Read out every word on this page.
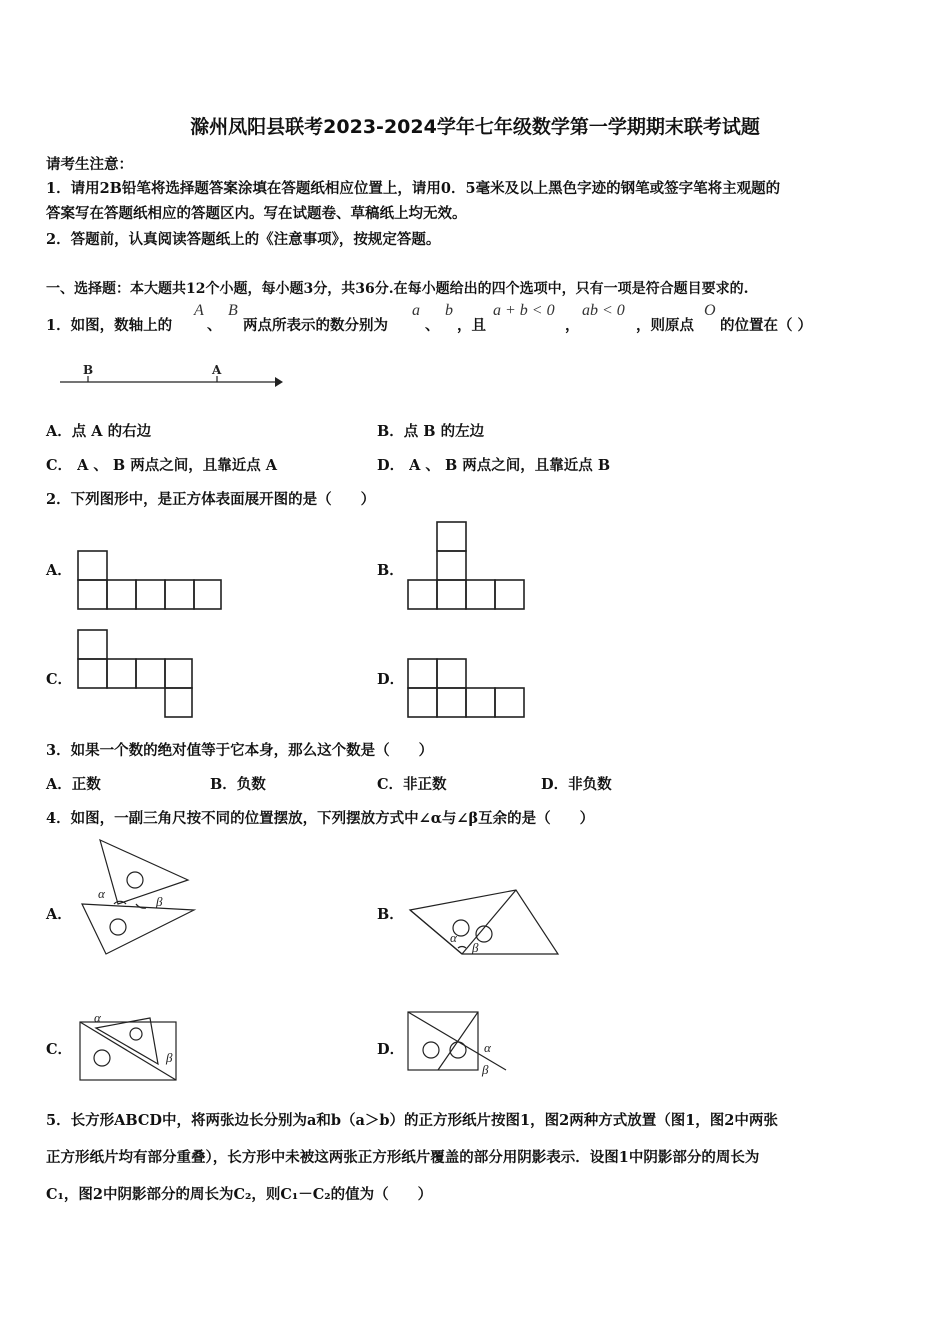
滁州凤阳县联考2023-2024学年七年级数学第一学期期末联考试题
请考生注意：
1．请用2B铅笔将选择题答案涂填在答题纸相应位置上，请用0．5毫米及以上黑色字迹的钢笔或签字笔将主观题的
答案写在答题纸相应的答题区内。写在试题卷、草稿纸上均无效。
2．答题前，认真阅读答题纸上的《注意事项》，按规定答题。
一、选择题：本大题共12个小题，每小题3分，共36分.在每小题给出的四个选项中，只有一项是符合题目要求的.
1．如图，数轴上的
A
、
B
两点所表示的数分别为
a
、
b
，且
a + b < 0
，
ab < 0
，则原点
O
的位置在（ ）
B	A
A．点 A 的右边	B．点 B 的左边
C． A 、 B 两点之间，且靠近点 A	D． A 、 B 两点之间，且靠近点 B
2．下列图形中，是正方体表面展开图的是（　　）
A．	B．
C．	D．
3．如果一个数的绝对值等于它本身，那么这个数是（　　）
A．正数	B．负数	C．非正数	D．非负数
4．如图，一副三角尺按不同的位置摆放，下列摆放方式中∠α与∠β互余的是（　　）
A．
α
β
B．
α
β
C．
α
β	D．	α
β
5．长方形ABCD中，将两张边长分别为a和b（a＞b）的正方形纸片按图1，图2两种方式放置（图1，图2中两张
正方形纸片均有部分重叠），长方形中未被这两张正方形纸片覆盖的部分用阴影表示．设图1中阴影部分的周长为
C₁，图2中阴影部分的周长为C₂，则C₁－C₂的值为（　　）
